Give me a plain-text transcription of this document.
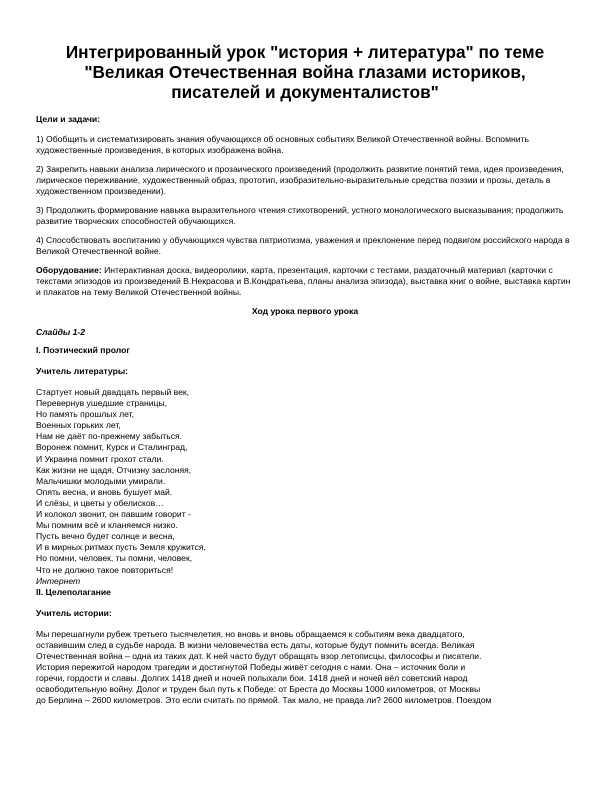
Интегрированный урок "история + литература" по теме
"Великая Отечественная война глазами историков,
писателей и документалистов"
Цели и задачи:

1) Обобщить и систематизировать знания обучающихся об основных событиях Великой Отечественной войны. Вспомнить художественные произведения, в которых изображена война.

2) Закрепить навыки анализа лирического и прозаического произведений (продолжить развитие понятий тема, идея произведения, лирическое переживание, художественный образ, прототип, изобразительно-выразительные средства поэзии и прозы, деталь в художественном произведении).

3) Продолжить формирование навыка выразительного чтения стихотворений, устного монологического высказывания; продолжить развитие творческих способностей обучающихся.

4) Способствовать воспитанию у обучающихся чувства патриотизма, уважения и преклонение перед подвигом российского народа в Великой Отечественной войне.

Оборудование: Интерактивная доска, видеоролики, карта, презентация, карточки с тестами, раздаточный материал (карточки с текстами эпизодов из произведений В.Некрасова и В.Кондратьева, планы анализа эпизода), выставка книг о войне, выставка картин и плакатов на тему Великой Отечественной войны.

Ход урока первого урока

Слайды 1-2

I. Поэтический пролог

Учитель литературы:

Стартует новый двадцать первый век,
Перевернув ушедшие страницы,
Но память прошлых лет,
Военных горьких лет,
Нам не даёт по-прежнему забыться.
Воронеж помнит, Курск и Сталинград,
И Украина помнит грохот стали.
Как жизни не щадя, Отчизну заслоняя,
Мальчишки молодыми умирали.
Опять весна, и вновь бушует май.
И слёзы, и цветы у обелисков…
И колокол звонит, он павшим говорит -
Мы помним всё и кланяемся низко.
Пусть вечно будет солнце и весна,
И в мирных ритмах пусть Земля кружится,
Но помни, человек, ты помни, человек,
Что не должно такое повториться!
Интернет

II. Целеполагание

Учитель истории:

Мы перешагнули рубеж третьего тысячелетия, но вновь и вновь обращаемся к событиям века двадцатого,
оставившим след в судьбе народа. В жизни человечества есть даты, которые будут помнить всегда. Великая
Отечественная война – одна из таких дат. К ней часто будут обращать взор летописцы, философы и писатели.
История пережитой народом трагедии и достигнутой Победы живёт сегодня с нами. Она – источник боли и
горечи, гордости и славы. Долгих 1418 дней и ночей полыхали бои. 1418 дней и ночей вёл советский народ
освободительную войну. Долог и труден был путь к Победе: от Бреста до Москвы 1000 километров, от Москвы
до Берлина – 2600 километров. Это если считать по прямой. Так мало, не правда ли? 2600 километров. Поездом
